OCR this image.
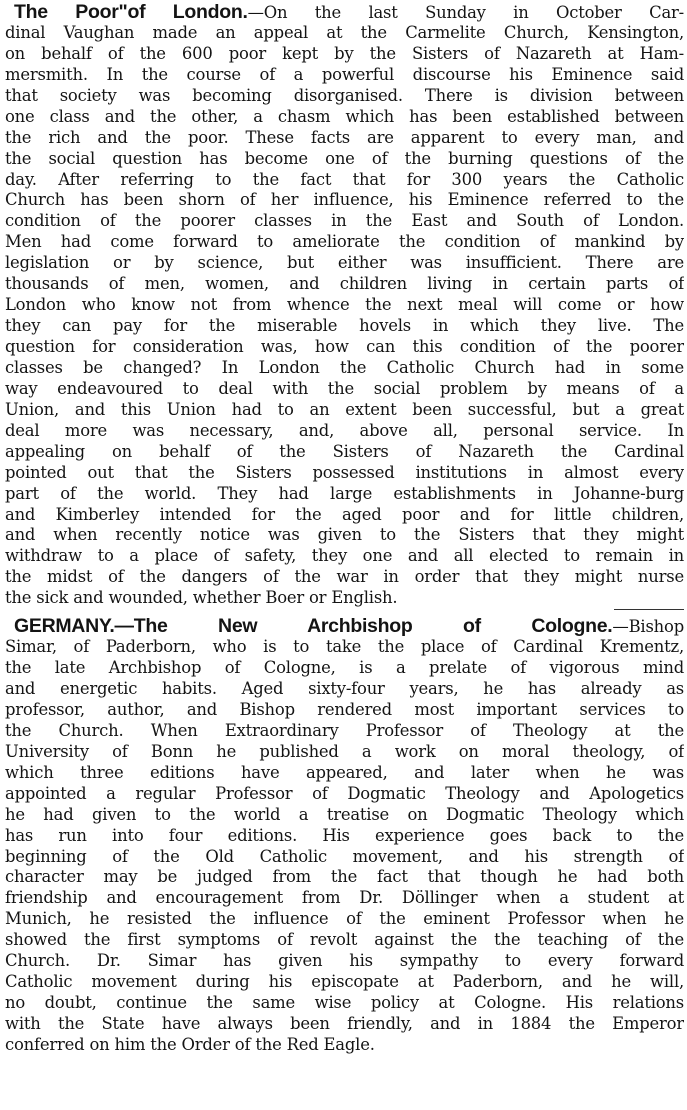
The Poor"of London.—On the last Sunday in October Car-
dinal Vaughan made an appeal at the Carmelite Church, Kensington,
on behalf of the 600 poor kept by the Sisters of Nazareth at Ham-
mersmith. In the course of a powerful discourse his Eminence said
that society was becoming disorganised. There is division between
one class and the other, a chasm which has been established between
the rich and the poor. These facts are apparent to every man, and
the social question has become one of the burning questions of the
day. After referring to the fact that for 300 years the Catholic
Church has been shorn of her influence, his Eminence referred to the
condition of the poorer classes in the East and South of London.
Men had come forward to ameliorate the condition of mankind by
legislation or by science, but either was insufficient. There are
thousands of men, women, and children living in certain parts of
London who know not from whence the next meal will come or how
they can pay for the miserable hovels in which they live. The
question for consideration was, how can this condition of the poorer
classes be changed? In London the Catholic Church had in some
way endeavoured to deal with the social problem by means of a
Union, and this Union had to an extent been successful, but a great
deal more was necessary, and, above all, personal service. In
appealing on behalf of the Sisters of Nazareth the Cardinal
pointed out that the Sisters possessed institutions in almost every
part of the world. They had large establishments in Johanne-burg
and Kimberley intended for the aged poor and for little children,
and when recently notice was given to the Sisters that they might
withdraw to a place of safety, they one and all elected to remain in
the midst of the dangers of the war in order that they might nurse
the sick and wounded, whether Boer or English.
GERMANY.—The New Archbishop of Cologne.—Bishop
Simar, of Paderborn, who is to take the place of Cardinal Krementz,
the late Archbishop of Cologne, is a prelate of vigorous mind
and energetic habits. Aged sixty-four years, he has already as
professor, author, and Bishop rendered most important services to
the Church. When Extraordinary Professor of Theology at the
University of Bonn he published a work on moral theology, of
which three editions have appeared, and later when he was
appointed a regular Professor of Dogmatic Theology and Apologetics
he had given to the world a treatise on Dogmatic Theology which
has run into four editions. His experience goes back to the
beginning of the Old Catholic movement, and his strength of
character may be judged from the fact that though he had both
friendship and encouragement from Dr. Döllinger when a student at
Munich, he resisted the influence of the eminent Professor when he
showed the first symptoms of revolt against the the teaching of the
Church. Dr. Simar has given his sympathy to every forward
Catholic movement during his episcopate at Paderborn, and he will,
no doubt, continue the same wise policy at Cologne. His relations
with the State have always been friendly, and in 1884 the Emperor
conferred on him the Order of the Red Eagle.
